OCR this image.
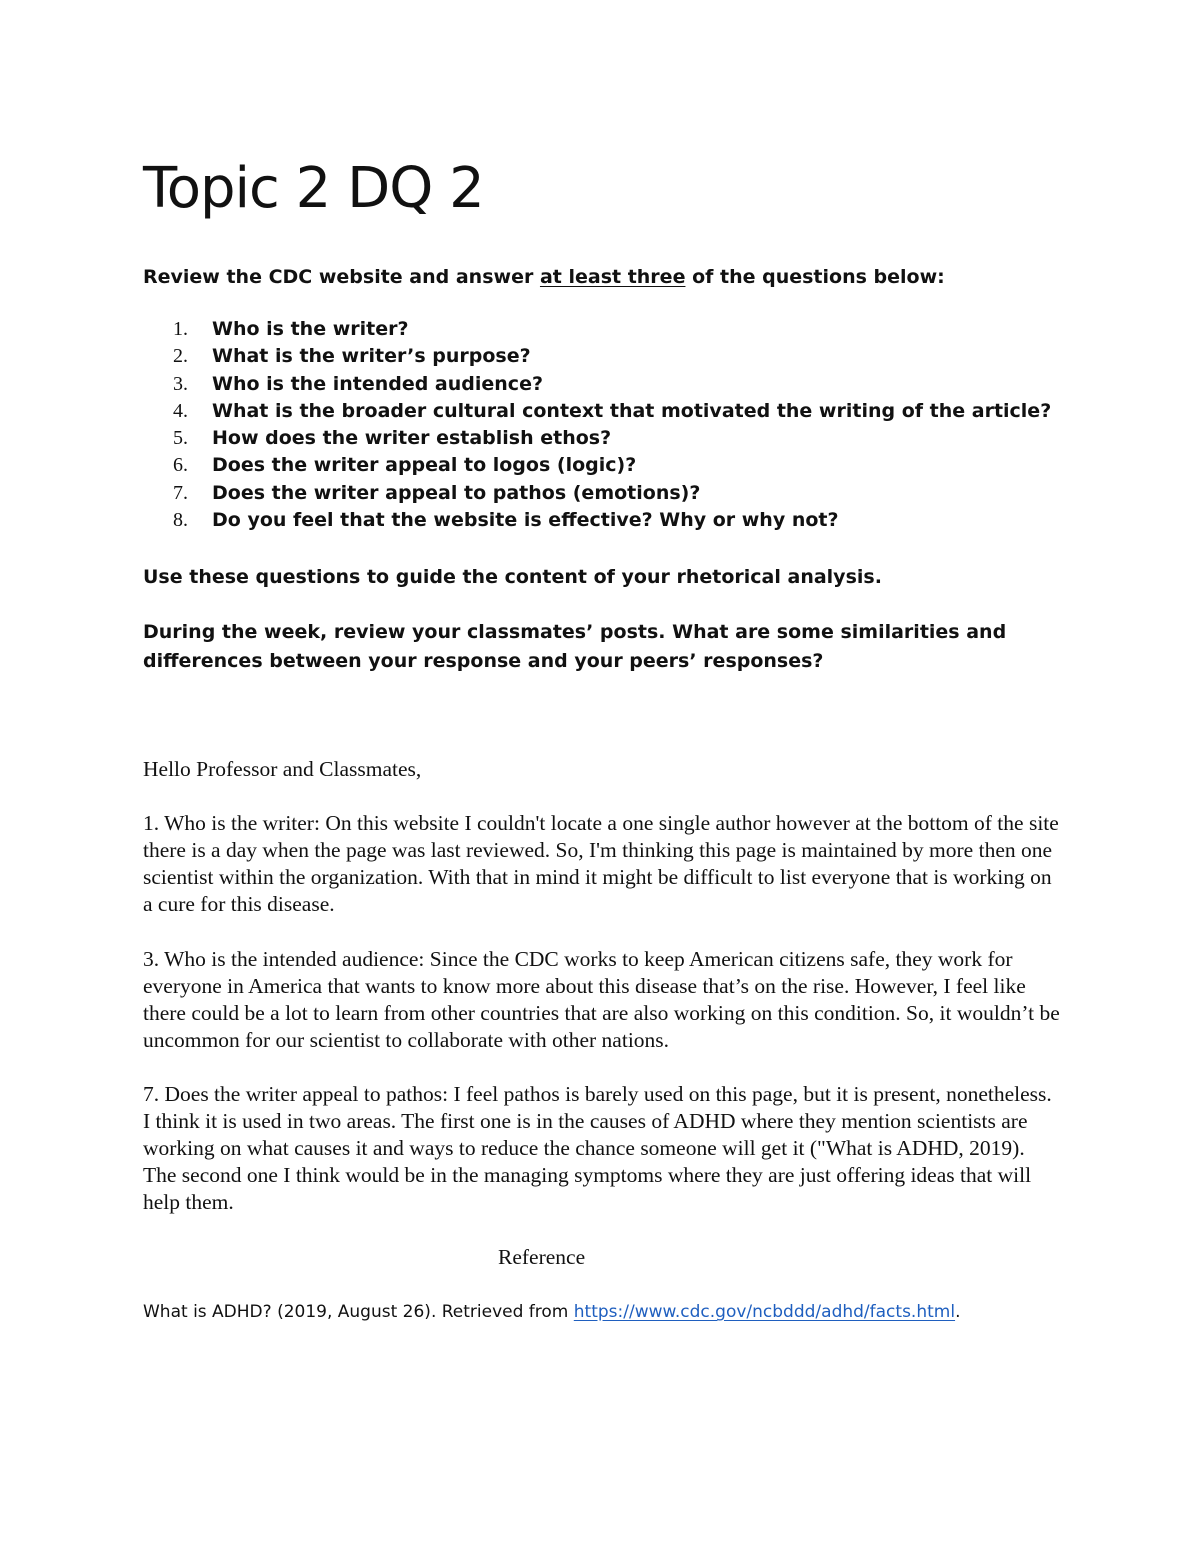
Topic 2 DQ 2

Review the CDC website and answer at least three of the questions below:

1. Who is the writer?
2. What is the writer’s purpose?
3. Who is the intended audience?
4. What is the broader cultural context that motivated the writing of the article?
5. How does the writer establish ethos?
6. Does the writer appeal to logos (logic)?
7. Does the writer appeal to pathos (emotions)?
8. Do you feel that the website is effective? Why or why not?

Use these questions to guide the content of your rhetorical analysis.

During the week, review your classmates’ posts. What are some similarities and differences between your response and your peers’ responses?

Hello Professor and Classmates,

1. Who is the writer: On this website I couldn't locate a one single author however at the bottom of the site there is a day when the page was last reviewed. So, I'm thinking this page is maintained by more then one scientist within the organization. With that in mind it might be difficult to list everyone that is working on a cure for this disease.

3. Who is the intended audience: Since the CDC works to keep American citizens safe, they work for everyone in America that wants to know more about this disease that’s on the rise. However, I feel like there could be a lot to learn from other countries that are also working on this condition. So, it wouldn’t be uncommon for our scientist to collaborate with other nations.

7. Does the writer appeal to pathos: I feel pathos is barely used on this page, but it is present, nonetheless. I think it is used in two areas. The first one is in the causes of ADHD where they mention scientists are working on what causes it and ways to reduce the chance someone will get it ("What is ADHD, 2019). The second one I think would be in the managing symptoms where they are just offering ideas that will help them.

Reference

What is ADHD? (2019, August 26). Retrieved from https://www.cdc.gov/ncbddd/adhd/facts.html.
